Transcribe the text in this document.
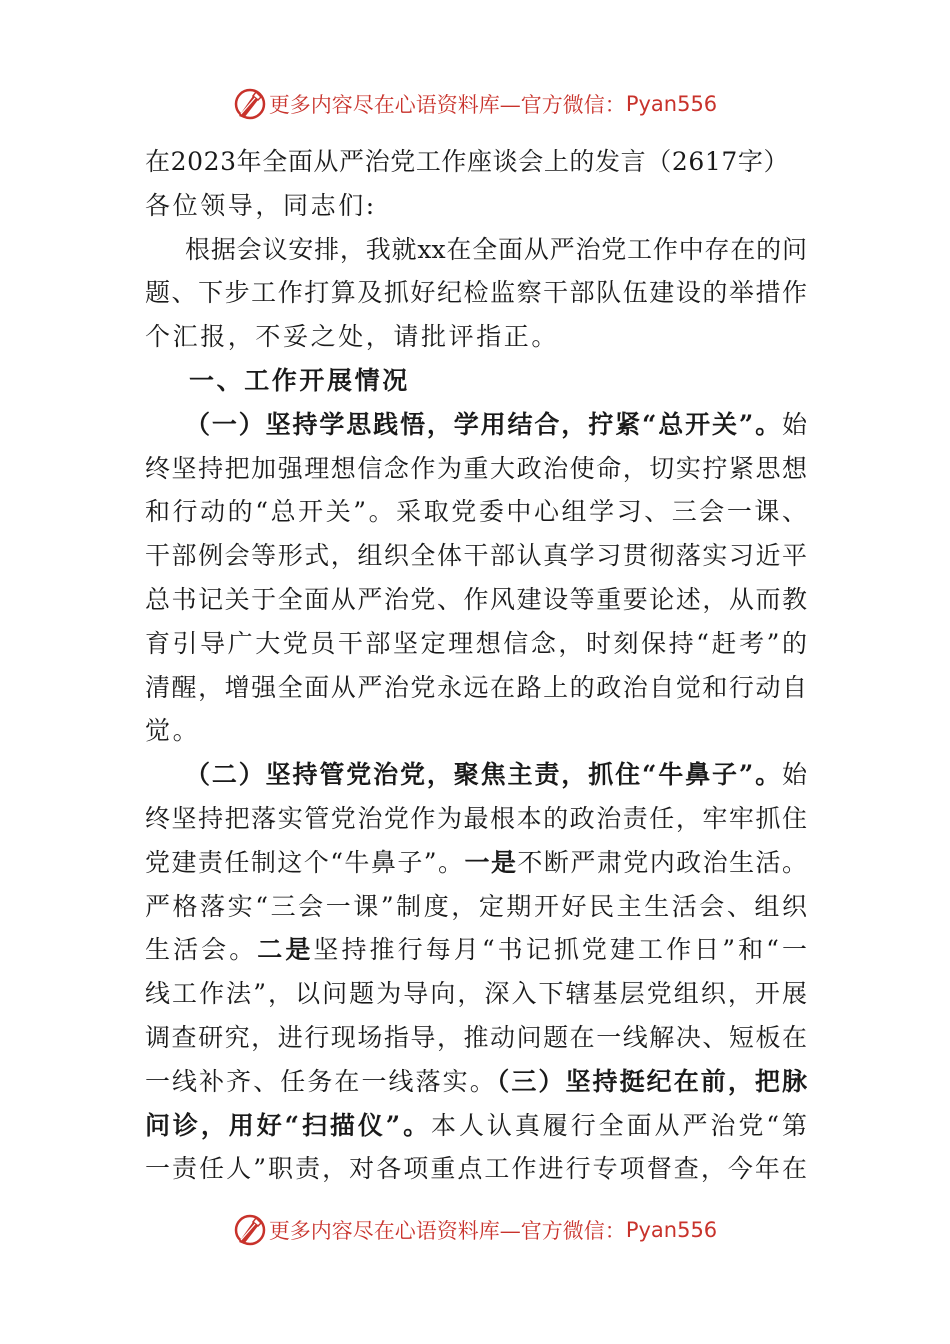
更多内容尽在心语资料库—官方微信： Pyan556
在2023年全面从严治党工作座谈会上的发言（2617字）
各位领导，同志们:
根据会议安排，我就xx在全面从严治党工作中存在的问
题、下步工作打算及抓好纪检监察干部队伍建设的举措作
个汇报，不妥之处，请批评指正。
一、工作开展情况
（一）坚持学思践悟，学用结合，拧紧“总开关”。始
终坚持把加强理想信念作为重大政治使命，切实拧紧思想
和行动的“总开关”。采取党委中心组学习、三会一课、
干部例会等形式，组织全体干部认真学习贯彻落实习近平
总书记关于全面从严治党、作风建设等重要论述，从而教
育引导广大党员干部坚定理想信念，时刻保持“赶考”的
清醒，增强全面从严治党永远在路上的政治自觉和行动自
觉。
（二）坚持管党治党，聚焦主责，抓住“牛鼻子”。始
终坚持把落实管党治党作为最根本的政治责任，牢牢抓住
党建责任制这个“牛鼻子”。一是不断严肃党内政治生活。
严格落实“三会一课”制度，定期开好民主生活会、组织
生活会。二是坚持推行每月“书记抓党建工作日”和“一
线工作法”，以问题为导向，深入下辖基层党组织，开展
调查研究，进行现场指导，推动问题在一线解决、短板在
一线补齐、任务在一线落实。（三）坚持挺纪在前，把脉
问诊，用好“扫描仪”。本人认真履行全面从严治党“第
一责任人”职责，对各项重点工作进行专项督查，今年在
更多内容尽在心语资料库—官方微信： Pyan556
